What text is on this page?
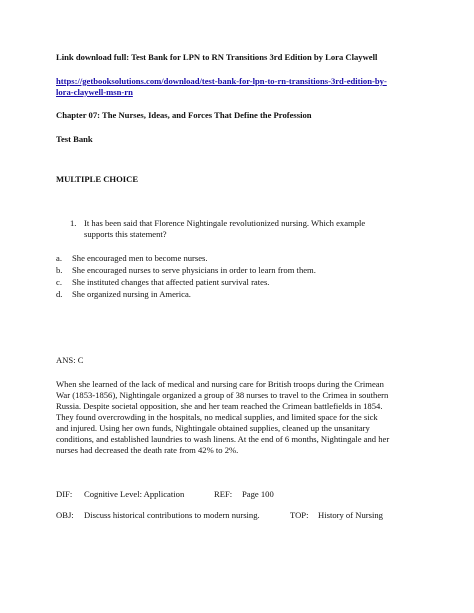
Link download full: Test Bank for LPN to RN Transitions 3rd Edition by Lora Claywell
https://getbooksolutions.com/download/test-bank-for-lpn-to-rn-transitions-3rd-edition-by-
lora-claywell-msn-rn
Chapter 07: The Nurses, Ideas, and Forces That Define the Profession
Test Bank
MULTIPLE CHOICE
1. It has been said that Florence Nightingale revolutionized nursing. Which example
supports this statement?
a. She encouraged men to become nurses.
b. She encouraged nurses to serve physicians in order to learn from them.
c. She instituted changes that affected patient survival rates.
d. She organized nursing in America.
ANS: C
When she learned of the lack of medical and nursing care for British troops during the Crimean
War (1853-1856), Nightingale organized a group of 38 nurses to travel to the Crimea in southern
Russia. Despite societal opposition, she and her team reached the Crimean battlefields in 1854.
They found overcrowding in the hospitals, no medical supplies, and limited space for the sick
and injured. Using her own funds, Nightingale obtained supplies, cleaned up the unsanitary
conditions, and established laundries to wash linens. At the end of 6 months, Nightingale and her
nurses had decreased the death rate from 42% to 2%.
DIF: Cognitive Level: Application	REF: Page 100
OBJ: Discuss historical contributions to modern nursing.	TOP: History of Nursing
